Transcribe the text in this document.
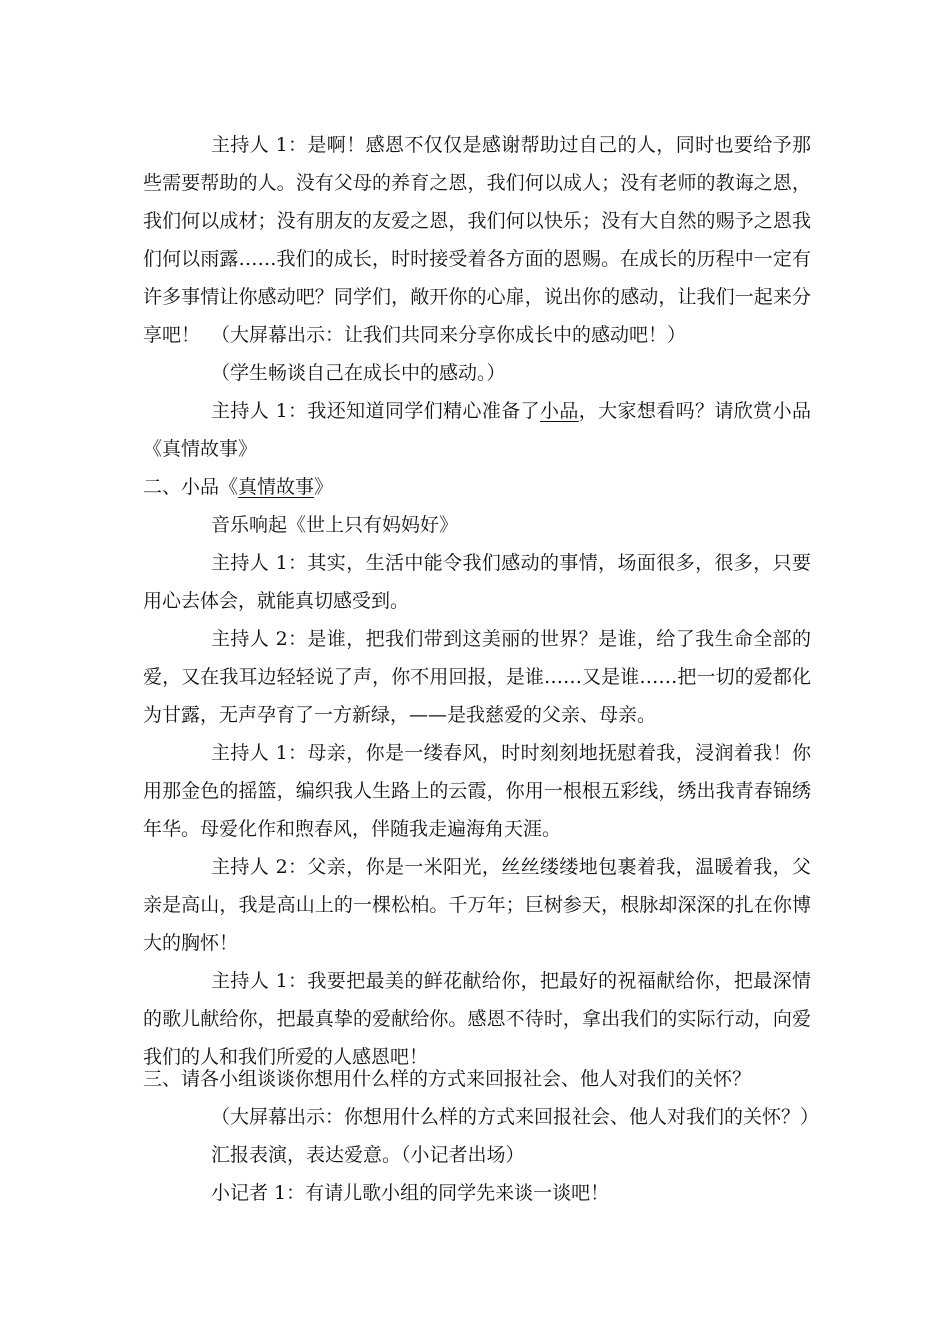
主持人 1：是啊！感恩不仅仅是感谢帮助过自己的人，同时也要给予那些需要帮助的人。没有父母的养育之恩，我们何以成人；没有老师的教诲之恩，我们何以成材；没有朋友的友爱之恩，我们何以快乐；没有大自然的赐予之恩我们何以雨露……我们的成长，时时接受着各方面的恩赐。在成长的历程中一定有许多事情让你感动吧？同学们，敞开你的心扉，说出你的感动，让我们一起来分享吧！ （大屏幕出示：让我们共同来分享你成长中的感动吧！）

（学生畅谈自己在成长中的感动。）

主持人 1：我还知道同学们精心准备了小品，大家想看吗？请欣赏小品《真情故事》

二、小品《真情故事》

音乐响起《世上只有妈妈好》

主持人 1：其实，生活中能令我们感动的事情，场面很多，很多，只要用心去体会，就能真切感受到。

主持人 2：是谁，把我们带到这美丽的世界？是谁，给了我生命全部的爱，又在我耳边轻轻说了声，你不用回报，是谁……又是谁……把一切的爱都化为甘露，无声孕育了一方新绿，——是我慈爱的父亲、母亲。

主持人 1：母亲，你是一缕春风，时时刻刻地抚慰着我，浸润着我！你用那金色的摇篮，编织我人生路上的云霞，你用一根根五彩线，绣出我青春锦绣年华。母爱化作和煦春风，伴随我走遍海角天涯。

主持人 2：父亲，你是一米阳光，丝丝缕缕地包裹着我，温暖着我，父亲是高山，我是高山上的一棵松柏。千万年；巨树参天，根脉却深深的扎在你博大的胸怀！

主持人 1：我要把最美的鲜花献给你，把最好的祝福献给你，把最深情的歌儿献给你，把最真挚的爱献给你。感恩不待时，拿出我们的实际行动，向爱我们的人和我们所爱的人感恩吧！

三、请各小组谈谈你想用什么样的方式来回报社会、他人对我们的关怀？

（大屏幕出示：你想用什么样的方式来回报社会、他人对我们的关怀？）

汇报表演，表达爱意。（小记者出场）

小记者 1：有请儿歌小组的同学先来谈一谈吧！
